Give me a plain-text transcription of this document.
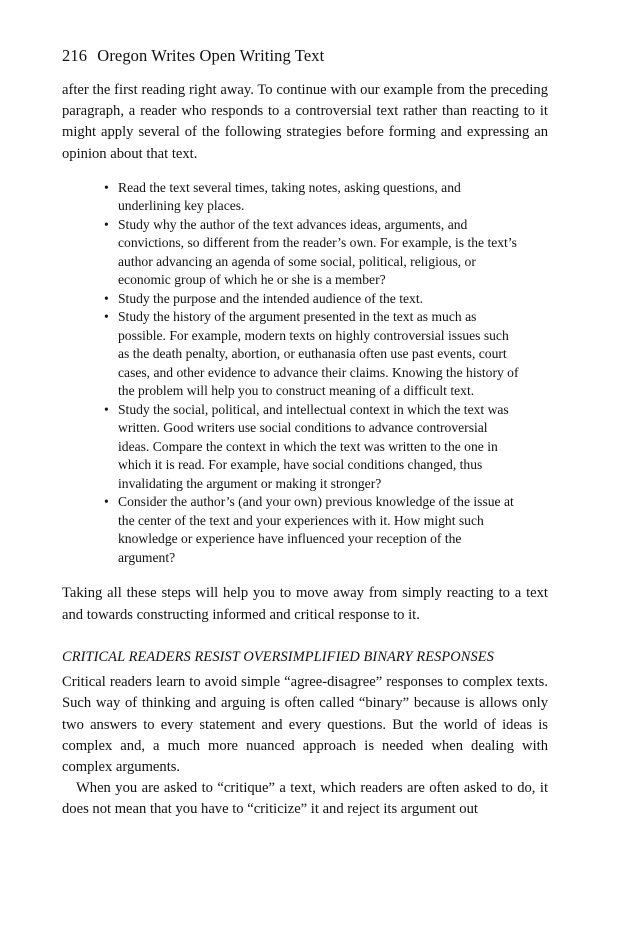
216 Oregon Writes Open Writing Text

after the first reading right away. To continue with our example from the preceding paragraph, a reader who responds to a controversial text rather than reacting to it might apply several of the following strategies before forming and expressing an opinion about that text.

• Read the text several times, taking notes, asking questions, and underlining key places.
• Study why the author of the text advances ideas, arguments, and convictions, so different from the reader’s own. For example, is the text’s author advancing an agenda of some social, political, religious, or economic group of which he or she is a member?
• Study the purpose and the intended audience of the text.
• Study the history of the argument presented in the text as much as possible. For example, modern texts on highly controversial issues such as the death penalty, abortion, or euthanasia often use past events, court cases, and other evidence to advance their claims. Knowing the history of the problem will help you to construct meaning of a difficult text.
• Study the social, political, and intellectual context in which the text was written. Good writers use social conditions to advance controversial ideas. Compare the context in which the text was written to the one in which it is read. For example, have social conditions changed, thus invalidating the argument or making it stronger?
• Consider the author’s (and your own) previous knowledge of the issue at the center of the text and your experiences with it. How might such knowledge or experience have influenced your reception of the argument?

Taking all these steps will help you to move away from simply reacting to a text and towards constructing informed and critical response to it.

CRITICAL READERS RESIST OVERSIMPLIFIED BINARY RESPONSES

Critical readers learn to avoid simple “agree-disagree” responses to complex texts. Such way of thinking and arguing is often called “binary” because is allows only two answers to every statement and every questions. But the world of ideas is complex and, a much more nuanced approach is needed when dealing with complex arguments.

When you are asked to “critique” a text, which readers are often asked to do, it does not mean that you have to “criticize” it and reject its argument out
